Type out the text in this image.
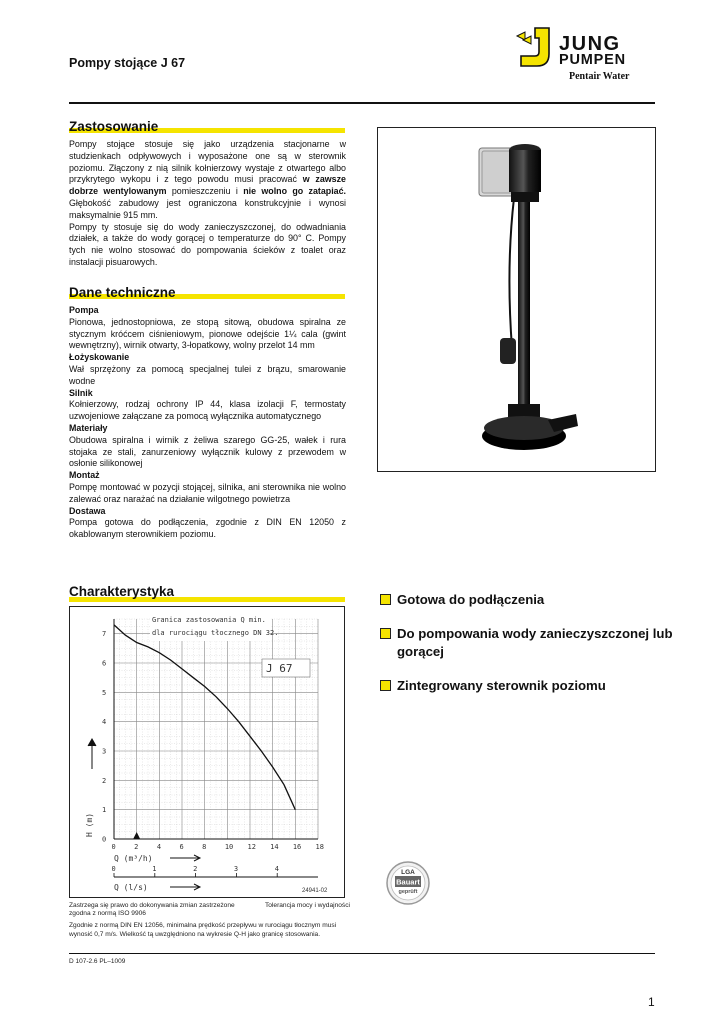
Pompy stojące J 67
JUNG
PUMPEN
Pentair Water
Zastosowanie

Pompy stojące stosuje się jako urządzenia stacjonarne w studzienkach odpływowych i wyposażone one są w sterownik poziomu. Złączony z nią silnik kołnierzowy wystaje z otwartego albo przykrytego wykopu i z tego powodu musi pracować w zawsze dobrze wentylowanym pomieszczeniu i nie wolno go zatapiać. Głębokość zabudowy jest ograniczona konstrukcyjnie i wynosi maksymalnie 915 mm.

Pompy ty stosuje się do wody zanieczyszczonej, do odwadniania działek, a także do wody gorącej o temperaturze do 90° C. Pompy tych nie wolno stosować do pompowania ścieków z toalet oraz instalacji pisuarowych.

Dane techniczne
Pompa
Pionowa, jednostopniowa, ze stopą sitową, obudowa spiralna ze stycznym króćcem ciśnieniowym, pionowe odejście 1¼ cala (gwint wewnętrzny), wirnik otwarty, 3-łopatkowy, wolny przelot 14 mm
Łożyskowanie
Wał sprzężony za pomocą specjalnej tulei z brązu, smarowanie wodne
Silnik
Kołnierzowy, rodzaj ochrony IP 44, klasa izolacji F, termostaty uzwojeniowe załączane za pomocą wyłącznika automatycznego
Materiały
Obudowa spiralna i wirnik z żeliwa szarego GG-25, wałek i rura stojaka ze stali, zanurzeniowy wyłącznik kulowy z przewodem w osłonie silikonowej
Montaż
Pompę montować w pozycji stojącej, silnika, ani sterownika nie wolno zalewać oraz narażać na działanie wilgotnego powietrza
Dostawa
Pompa gotowa do podłączenia, zgodnie z DIN EN 12050 z okablowanym sterownikiem poziomu.
Charakterystyka
0
1
2
3
4
5
6
7
0	2	4	6	8	10 12 14 16 18
Granica zastosowania Q min.
dla rurociągu tłocznego DN 32.
J 67
H (m)
Q (m³/h)
0	1	2	3	4
Q (l/s)	24941-02
Gotowa do podłączenia
Do pompowania wody zanieczyszczonej lub gorącej
Zintegrowany sterownik poziomu
LGA
Bauart
geprüft
Zastrzega się prawo do dokonywania zmian zastrzeżone	Tolerancja mocy i wydajności
zgodna z normą ISO 9906
Zgodnie z normą DIN EN 12056, minimalna prędkość przepływu w rurociągu tłocznym musi wynosić 0,7 m/s. Wielkość tą uwzględniono na wykresie Q-H jako granicę stosowania.
D 107-2.6 PL–1009
1
